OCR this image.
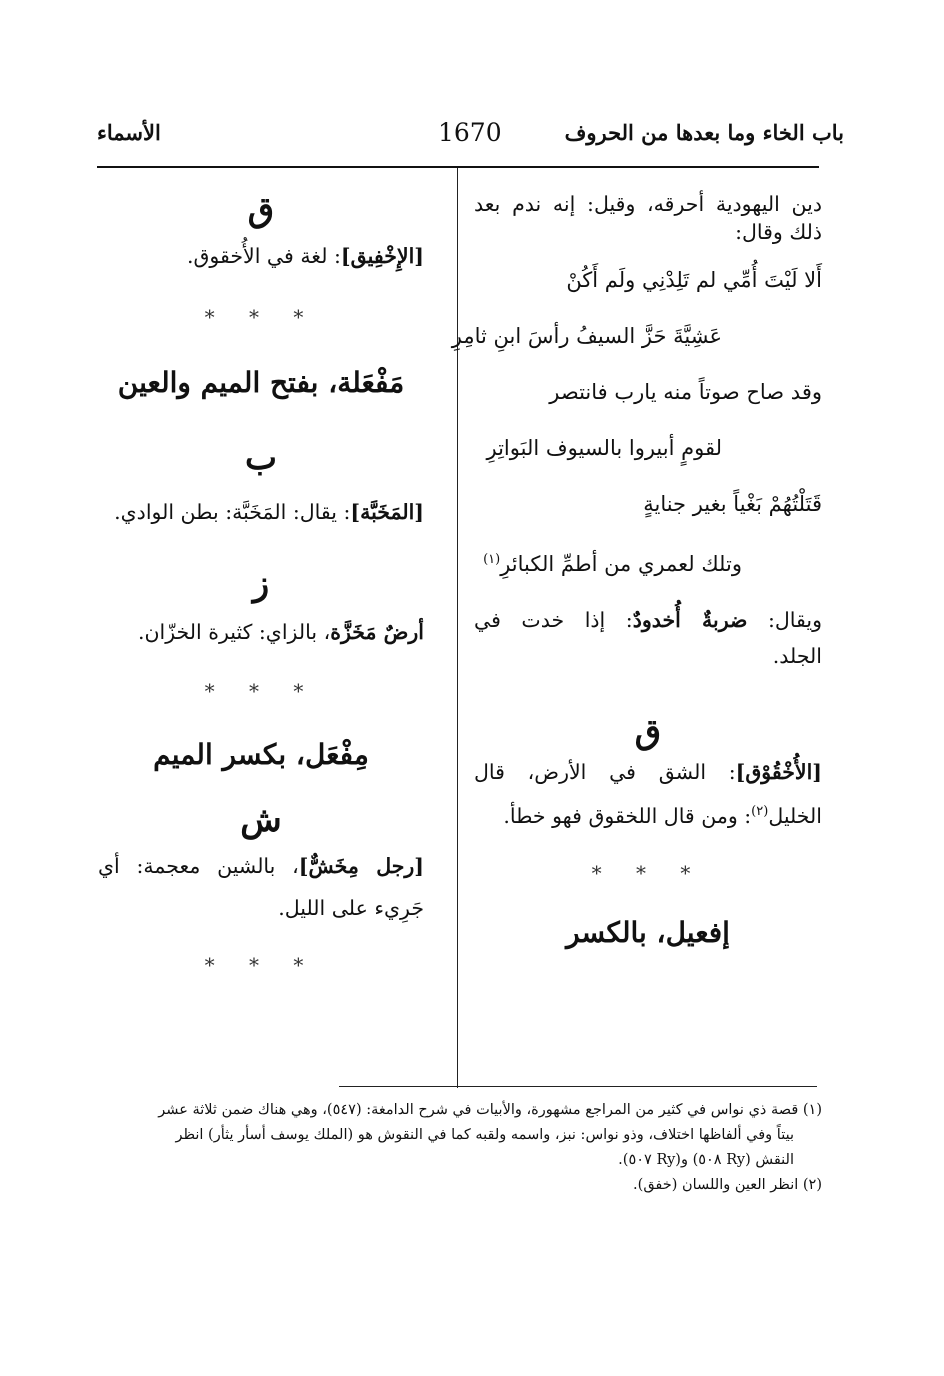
باب الخاء وما بعدها من الحروف
1670
الأسماء

دين اليهودية أحرقه، وقيل: إنه ندم بعد

ذلك وقال:

أَلا لَيْتَ أُمِّي لم تَلِدْنِي ولَم أَكُنْ

عَشِيَّةَ حَزَّ السيفُ رأسَ ابنِ ثامِرِ

وقد صاح صوتاً منه يارب فانتصر

لقومٍ أبيروا بالسيوف البَواتِرِ

قَتَلْتُهُمْ بَغْياً بغير جنايةٍ

وتلك لعمري من أطمِّ الكبائرِ$^{(١)}$

ويقال: ضربةٌ أُخدودٌ: إذا خدت في

الجلد.

ق

[الأُخْقُوْق]: الشق في الأرض، قال

الخليل$^{(٢)}$: ومن قال اللخقوق فهو خطأ.

* * *
إفعيل، بالكسر
ق

[الإِخْفِيق]: لغة في الأُخقوق.

* * *
مَفْعَلة، بفتح الميم والعين
ب

[المَخَبَّة]: يقال: المَخَبَّة: بطن الوادي.

ز

أرضٌ مَخَزَّة، بالزاي: كثيرة الخزّان.

* * *
مِفْعَل، بكسر الميم
ش

[رجل مِخَشٌّ]، بالشين معجمة: أي

جَرِيء على الليل.

* * *

(١) قصة ذي نواس في كثير من المراجع مشهورة، والأبيات في شرح الدامغة: (٥٤٧)، وهي هناك ضمن ثلاثة عشر

بيتاً وفي ألفاظها اختلاف، وذو نواس: نبز، واسمه ولقبه كما في النقوش هو (الملك يوسف أسأر يثأر) انظر

النقش (Ry ٥٠٨) و(Ry ٥٠٧).

(٢) انظر العين واللسان (خفق).
